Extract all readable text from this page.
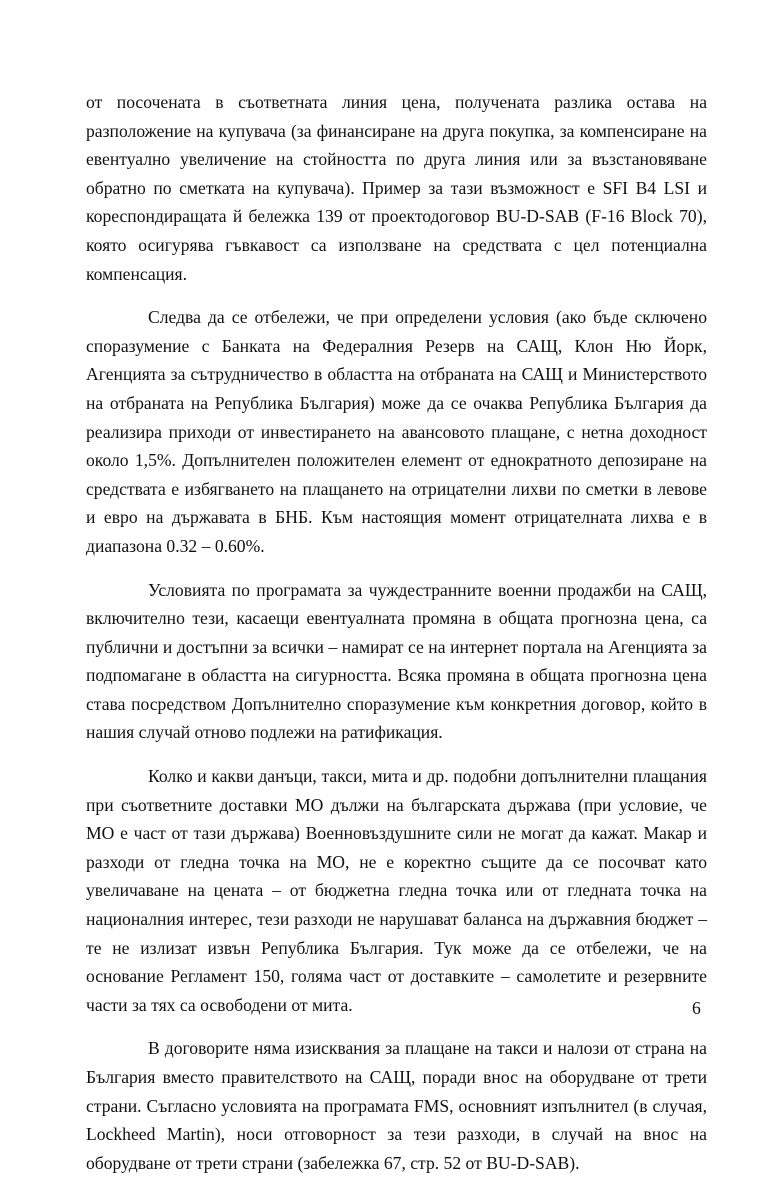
от посочената в съответната линия цена, получената разлика остава на разположение на купувача (за финансиране на друга покупка, за компенсиране на евентуално увеличение на стойността по друга линия или за възстановяване обратно по сметката на купувача). Пример за тази възможност е SFI B4 LSI и кореспондиращата й бележка 139 от проектодоговор BU-D-SAB (F-16 Block 70), която осигурява гъвкавост са използване на средствата с цел потенциална компенсация.

Следва да се отбележи, че при определени условия (ако бъде сключено споразумение с Банката на Федералния Резерв на САЩ, Клон Ню Йорк, Агенцията за сътрудничество в областта на отбраната на САЩ и Министерството на отбраната на Република България) може да се очаква Република България да реализира приходи от инвестирането на авансовото плащане, с нетна доходност около 1,5%. Допълнителен положителен елемент от еднократното депозиране на средствата е избягването на плащането на отрицателни лихви по сметки в левове и евро на държавата в БНБ. Към настоящия момент отрицателната лихва е в диапазона 0.32 – 0.60%.

Условията по програмата за чуждестранните военни продажби на САЩ, включително тези, касаещи евентуалната промяна в общата прогнозна цена, са публични и достъпни за всички – намират се на интернет портала на Агенцията за подпомагане в областта на сигурността. Всяка промяна в общата прогнозна цена става посредством Допълнително споразумение към конкретния договор, който в нашия случай отново подлежи на ратификация.

Колко и какви данъци, такси, мита и др. подобни допълнителни плащания при съответните доставки МО дължи на българската държава (при условие, че МО е част от тази държава) Военновъздушните сили не могат да кажат. Макар и разходи от гледна точка на МО, не е коректно същите да се посочват като увеличаване на цената – от бюджетна гледна точка или от гледната точка на националния интерес, тези разходи не нарушават баланса на държавния бюджет – те не излизат извън Република България. Тук може да се отбележи, че на основание Регламент 150, голяма част от доставките – самолетите и резервните части за тях са освободени от мита.

В договорите няма изисквания за плащане на такси и налози от страна на България вместо правителството на САЩ, поради внос на оборудване от трети страни. Съгласно условията на програмата FMS, основният изпълнител (в случая, Lockheed Martin), носи отговорност за тези разходи, в случай на внос на оборудване от трети страни (забележка 67, стр. 52 от BU-D-SAB).

6
